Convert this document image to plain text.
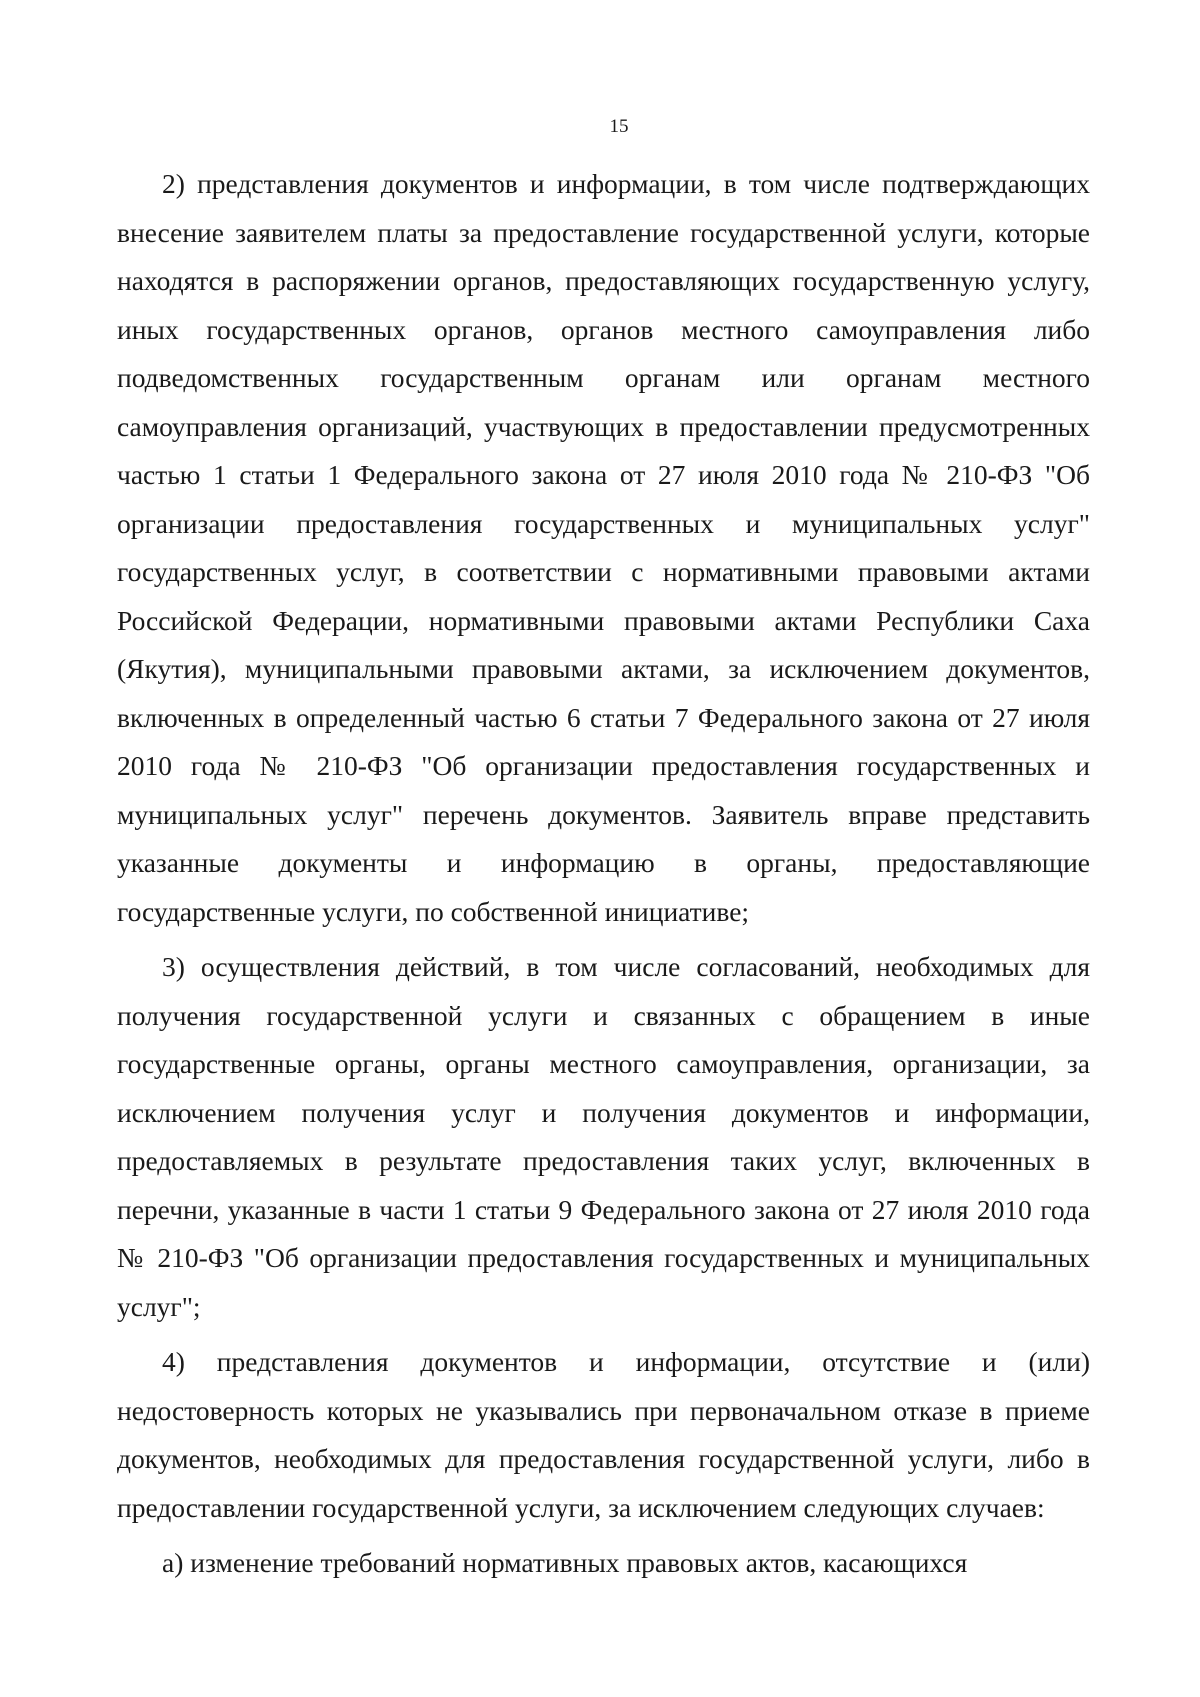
15

2) представления документов и информации, в том числе подтверждающих внесение заявителем платы за предоставление государственной услуги, которые находятся в распоряжении органов, предоставляющих государственную услугу, иных государственных органов, органов местного самоуправления либо подведомственных государственным органам или органам местного самоуправления организаций, участвующих в предоставлении предусмотренных частью 1 статьи 1 Федерального закона от 27 июля 2010 года № 210-ФЗ "Об организации предоставления государственных и муниципальных услуг" государственных услуг, в соответствии с нормативными правовыми актами Российской Федерации, нормативными правовыми актами Республики Саха (Якутия), муниципальными правовыми актами, за исключением документов, включенных в определенный частью 6 статьи 7 Федерального закона от 27 июля 2010 года № 210-ФЗ "Об организации предоставления государственных и муниципальных услуг" перечень документов. Заявитель вправе представить указанные документы и информацию в органы, предоставляющие государственные услуги, по собственной инициативе;

3) осуществления действий, в том числе согласований, необходимых для получения государственной услуги и связанных с обращением в иные государственные органы, органы местного самоуправления, организации, за исключением получения услуг и получения документов и информации, предоставляемых в результате предоставления таких услуг, включенных в перечни, указанные в части 1 статьи 9 Федерального закона от 27 июля 2010 года № 210-ФЗ "Об организации предоставления государственных и муниципальных услуг";

4) представления документов и информации, отсутствие и (или) недостоверность которых не указывались при первоначальном отказе в приеме документов, необходимых для предоставления государственной услуги, либо в предоставлении государственной услуги, за исключением следующих случаев:

а) изменение требований нормативных правовых актов, касающихся
